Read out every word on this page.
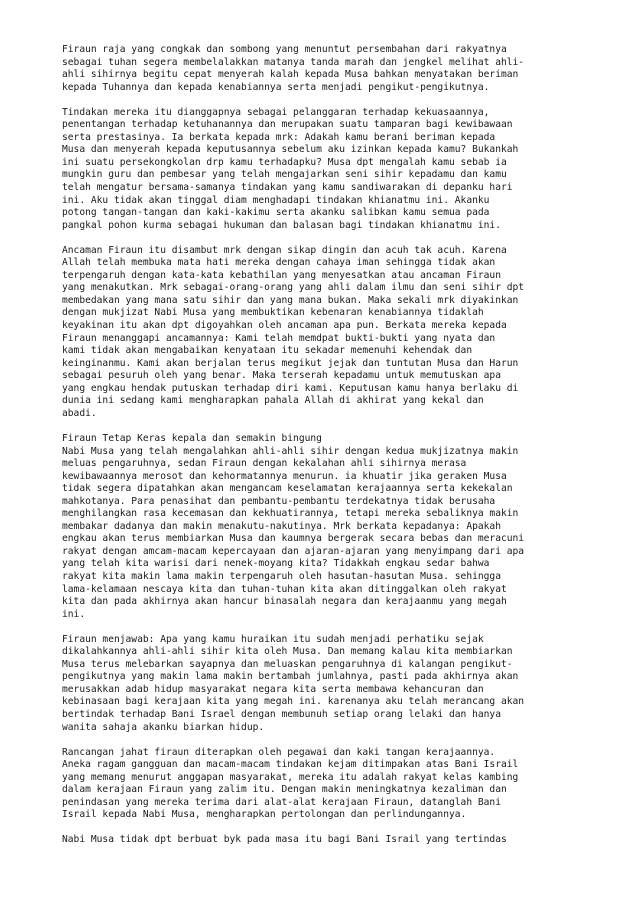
Firaun raja yang congkak dan sombong yang menuntut persembahan dari rakyatnya
sebagai tuhan segera membelalakkan matanya tanda marah dan jengkel melihat ahli-
ahli sihirnya begitu cepat menyerah kalah kepada Musa bahkan menyatakan beriman
kepada Tuhannya dan kepada kenabiannya serta menjadi pengikut-pengikutnya.
Tindakan mereka itu dianggapnya sebagai pelanggaran terhadap kekuasaannya,
penentangan terhadap ketuhanannya dan merupakan suatu tamparan bagi kewibawaan
serta prestasinya. Ia berkata kepada mrk: Adakah kamu berani beriman kepada
Musa dan menyerah kepada keputusannya sebelum aku izinkan kepada kamu? Bukankah
ini suatu persekongkolan drp kamu terhadapku? Musa dpt mengalah kamu sebab ia
mungkin guru dan pembesar yang telah mengajarkan seni sihir kepadamu dan kamu
telah mengatur bersama-samanya tindakan yang kamu sandiwarakan di depanku hari
ini. Aku tidak akan tinggal diam menghadapi tindakan khianatmu ini. Akanku
potong tangan-tangan dan kaki-kakimu serta akanku salibkan kamu semua pada
pangkal pohon kurma sebagai hukuman dan balasan bagi tindakan khianatmu ini.
Ancaman Firaun itu disambut mrk dengan sikap dingin dan acuh tak acuh. Karena
Allah telah membuka mata hati mereka dengan cahaya iman sehingga tidak akan
terpengaruh dengan kata-kata kebathilan yang menyesatkan atau ancaman Firaun
yang menakutkan. Mrk sebagai-orang-orang yang ahli dalam ilmu dan seni sihir dpt
membedakan yang mana satu sihir dan yang mana bukan. Maka sekali mrk diyakinkan
dengan mukjizat Nabi Musa yang membuktikan kebenaran kenabiannya tidaklah
keyakinan itu akan dpt digoyahkan oleh ancaman apa pun. Berkata mereka kepada
Firaun menanggapi ancamannya: Kami telah memdpat bukti-bukti yang nyata dan
kami tidak akan mengabaikan kenyataan itu sekadar memenuhi kehendak dan
keinginanmu. Kami akan berjalan terus megikut jejak dan tuntutan Musa dan Harun
sebagai pesuruh oleh yang benar. Maka terserah kepadamu untuk memutuskan apa
yang engkau hendak putuskan terhadap diri kami. Keputusan kamu hanya berlaku di
dunia ini sedang kami mengharapkan pahala Allah di akhirat yang kekal dan
abadi.
Firaun Tetap Keras kepala dan semakin bingung
Nabi Musa yang telah mengalahkan ahli-ahli sihir dengan kedua mukjizatnya makin
meluas pengaruhnya, sedan Firaun dengan kekalahan ahli sihirnya merasa
kewibawaannya merosot dan kehormatannya menurun. ia khuatir jika geraken Musa
tidak segera dipatahkan akan mengancam keselamatan kerajaannya serta kekekalan
mahkotanya. Para penasihat dan pembantu-pembantu terdekatnya tidak berusaha
menghilangkan rasa kecemasan dan kekhuatirannya, tetapi mereka sebaliknya makin
membakar dadanya dan makin menakutu-nakutinya. Mrk berkata kepadanya: Apakah
engkau akan terus membiarkan Musa dan kaumnya bergerak secara bebas dan meracuni
rakyat dengan amcam-macam kepercayaan dan ajaran-ajaran yang menyimpang dari apa
yang telah kita warisi dari nenek-moyang kita? Tidakkah engkau sedar bahwa
rakyat kita makin lama makin terpengaruh oleh hasutan-hasutan Musa. sehingga
lama-kelamaan nescaya kita dan tuhan-tuhan kita akan ditinggalkan oleh rakyat
kita dan pada akhirnya akan hancur binasalah negara dan kerajaanmu yang megah
ini.
Firaun menjawab: Apa yang kamu huraikan itu sudah menjadi perhatiku sejak
dikalahkannya ahli-ahli sihir kita oleh Musa. Dan memang kalau kita membiarkan
Musa terus melebarkan sayapnya dan meluaskan pengaruhnya di kalangan pengikut-
pengikutnya yang makin lama makin bertambah jumlahnya, pasti pada akhirnya akan
merusakkan adab hidup masyarakat negara kita serta membawa kehancuran dan
kebinasaan bagi kerajaan kita yang megah ini. karenanya aku telah merancang akan
bertindak terhadap Bani Israel dengan membunuh setiap orang lelaki dan hanya
wanita sahaja akanku biarkan hidup.
Rancangan jahat firaun diterapkan oleh pegawai dan kaki tangan kerajaannya.
Aneka ragam gangguan dan macam-macam tindakan kejam ditimpakan atas Bani Israil
yang memang menurut anggapan masyarakat, mereka itu adalah rakyat kelas kambing
dalam kerajaan Firaun yang zalim itu. Dengan makin meningkatnya kezaliman dan
penindasan yang mereka terima dari alat-alat kerajaan Firaun, datanglah Bani
Israil kepada Nabi Musa, mengharapkan pertolongan dan perlindungannya.
Nabi Musa tidak dpt berbuat byk pada masa itu bagi Bani Israil yang tertindas
